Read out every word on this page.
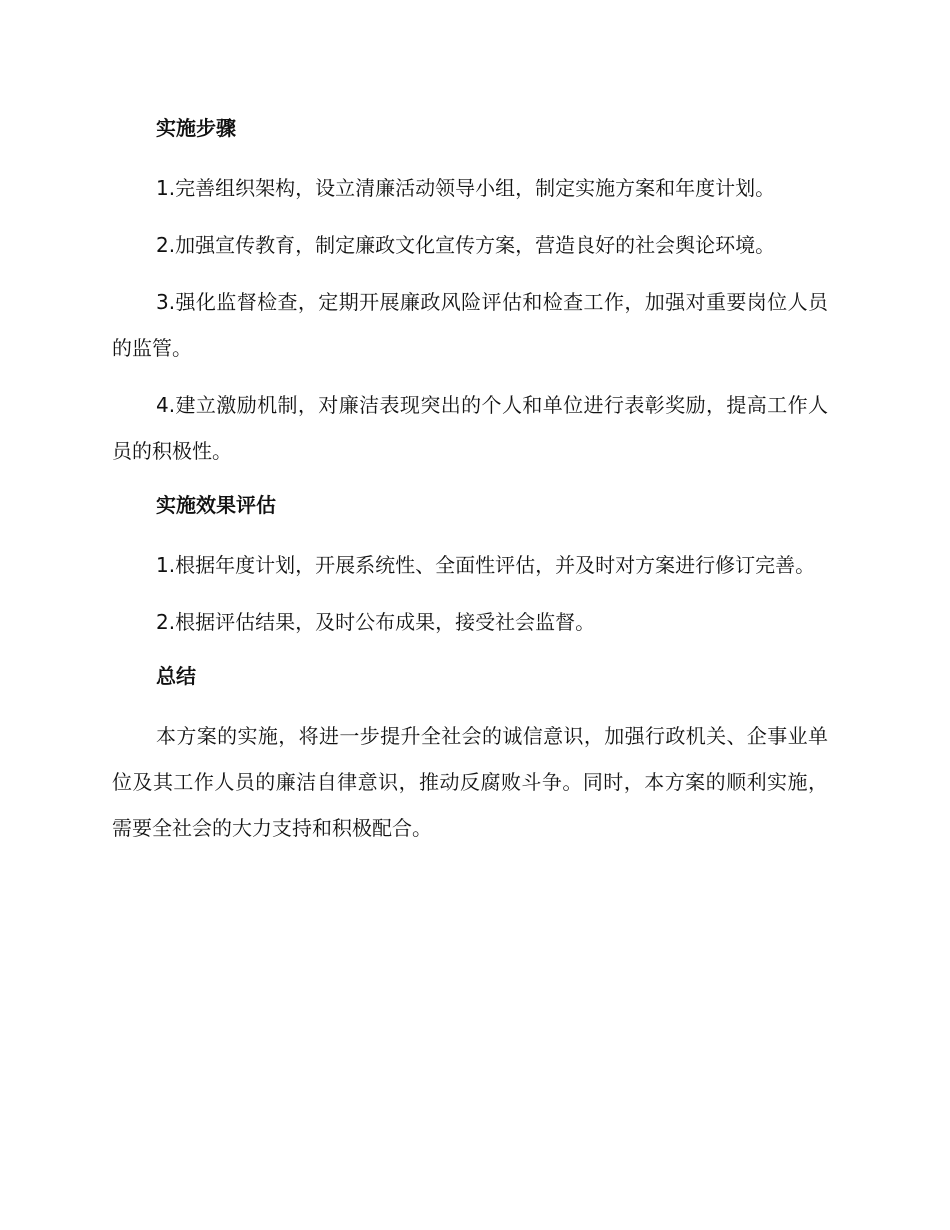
实施步骤

1.完善组织架构，设立清廉活动领导小组，制定实施方案和年度计划。

2.加强宣传教育，制定廉政文化宣传方案，营造良好的社会舆论环境。

3.强化监督检查，定期开展廉政风险评估和检查工作，加强对重要岗位人员的监管。

4.建立激励机制，对廉洁表现突出的个人和单位进行表彰奖励，提高工作人员的积极性。

实施效果评估

1.根据年度计划，开展系统性、全面性评估，并及时对方案进行修订完善。

2.根据评估结果，及时公布成果，接受社会监督。

总结

本方案的实施，将进一步提升全社会的诚信意识，加强行政机关、企事业单位及其工作人员的廉洁自律意识，推动反腐败斗争。同时，本方案的顺利实施，需要全社会的大力支持和积极配合。
